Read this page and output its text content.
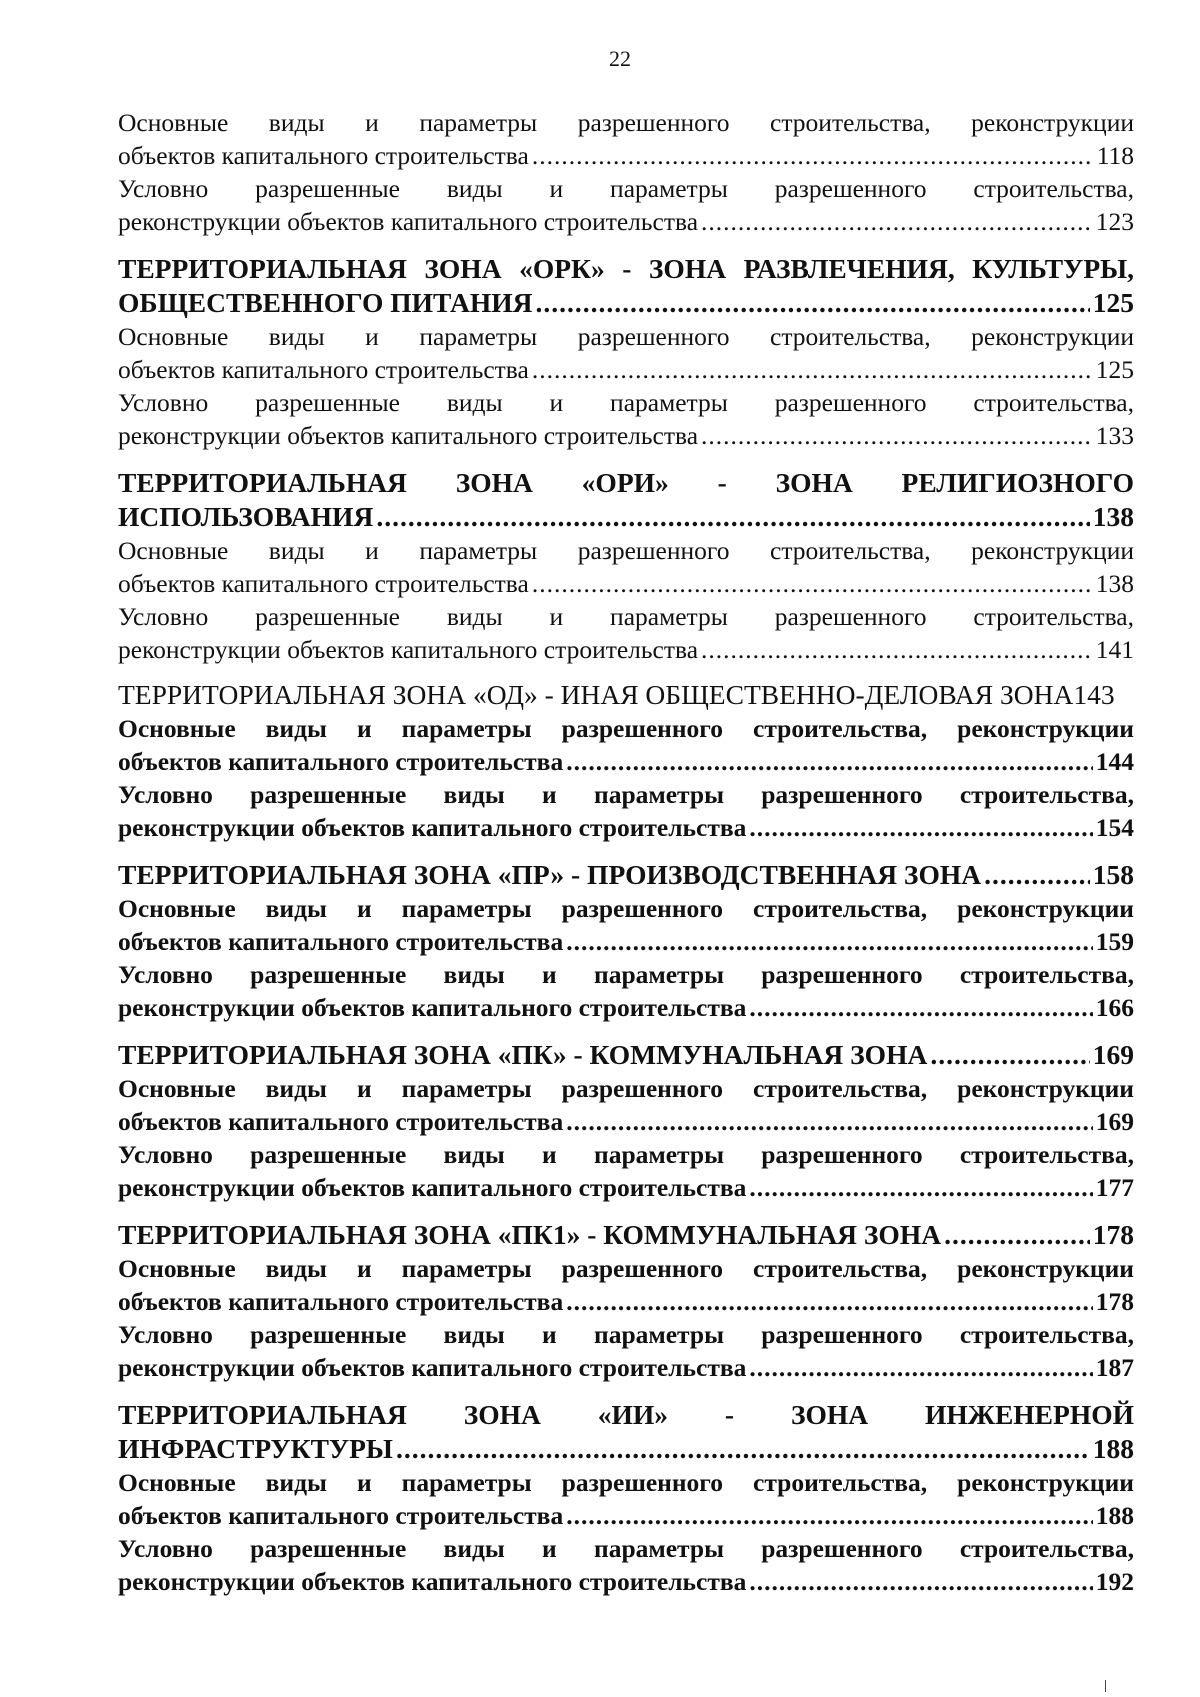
22
Основные виды и параметры разрешенного строительства, реконструкции
объектов капитального строительства .....	118
Условно разрешенные виды и параметры разрешенного строительства,
реконструкции объектов капитального строительства .....	123
ТЕРРИТОРИАЛЬНАЯ ЗОНА «ОРК» - ЗОНА РАЗВЛЕЧЕНИЯ, КУЛЬТУРЫ,
ОБЩЕСТВЕННОГО ПИТАНИЯ .....	125
Основные виды и параметры разрешенного строительства, реконструкции
объектов капитального строительства .....	125
Условно разрешенные виды и параметры разрешенного строительства,
реконструкции объектов капитального строительства .....	133
ТЕРРИТОРИАЛЬНАЯ ЗОНА «ОРИ» - ЗОНА РЕЛИГИОЗНОГО
ИСПОЛЬЗОВАНИЯ .....	138
Основные виды и параметры разрешенного строительства, реконструкции
объектов капитального строительства .....	138
Условно разрешенные виды и параметры разрешенного строительства,
реконструкции объектов капитального строительства .....	141
ТЕРРИТОРИАЛЬНАЯ ЗОНА «ОД» - ИНАЯ ОБЩЕСТВЕННО-ДЕЛОВАЯ ЗОНА 143
Основные виды и параметры разрешенного строительства, реконструкции
объектов капитального строительства .....	144
Условно разрешенные виды и параметры разрешенного строительства,
реконструкции объектов капитального строительства .....	154
ТЕРРИТОРИАЛЬНАЯ ЗОНА «ПР» - ПРОИЗВОДСТВЕННАЯ ЗОНА .....	158
Основные виды и параметры разрешенного строительства, реконструкции
объектов капитального строительства .....	159
Условно разрешенные виды и параметры разрешенного строительства,
реконструкции объектов капитального строительства .....	166
ТЕРРИТОРИАЛЬНАЯ ЗОНА «ПК» - КОММУНАЛЬНАЯ ЗОНА .....	169
Основные виды и параметры разрешенного строительства, реконструкции
объектов капитального строительства .....	169
Условно разрешенные виды и параметры разрешенного строительства,
реконструкции объектов капитального строительства .....	177
ТЕРРИТОРИАЛЬНАЯ ЗОНА «ПК1» - КОММУНАЛЬНАЯ ЗОНА .....	178
Основные виды и параметры разрешенного строительства, реконструкции
объектов капитального строительства .....	178
Условно разрешенные виды и параметры разрешенного строительства,
реконструкции объектов капитального строительства .....	187
ТЕРРИТОРИАЛЬНАЯ ЗОНА «ИИ» - ЗОНА ИНЖЕНЕРНОЙ
ИНФРАСТРУКТУРЫ .....	188
Основные виды и параметры разрешенного строительства, реконструкции
объектов капитального строительства .....	188
Условно разрешенные виды и параметры разрешенного строительства,
реконструкции объектов капитального строительства .....	192
